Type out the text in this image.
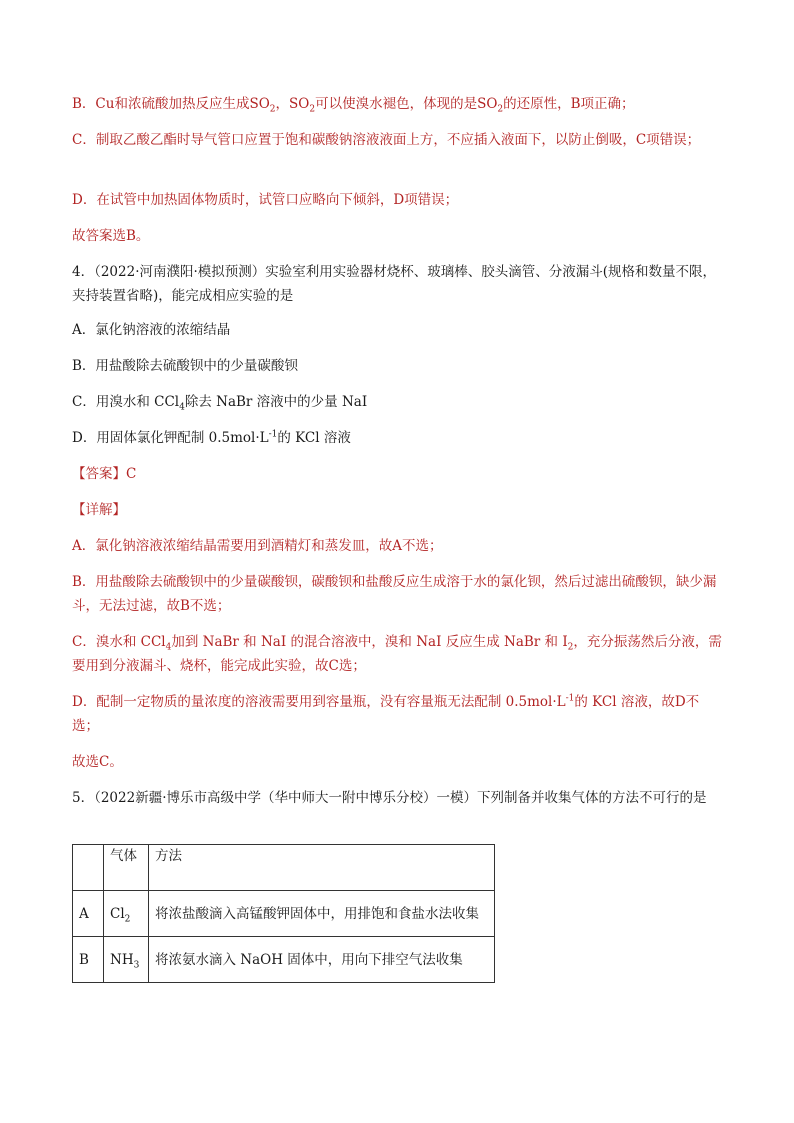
B．Cu和浓硫酸加热反应生成$SO_2$，$SO_2$可以使溴水褪色，体现的是$SO_2$的还原性，B项正确；
C．制取乙酸乙酯时导气管口应置于饱和碳酸钠溶液液面上方，不应插入液面下，以防止倒吸，C项错误；
D．在试管中加热固体物质时，试管口应略向下倾斜，D项错误；
故答案选B。
4．（2022·河南濮阳·模拟预测）实验室利用实验器材烧杯、玻璃棒、胶头滴管、分液漏斗(规格和数量不限，夹持装置省略)，能完成相应实验的是
A．氯化钠溶液的浓缩结晶
B．用盐酸除去硫酸钡中的少量碳酸钡
C．用溴水和 CCl$_4$除去 NaBr 溶液中的少量 NaI
D．用固体氯化钾配制 $0.5mol\cdot L^{-1}$的 KCl 溶液
【答案】C
【详解】
A．氯化钠溶液浓缩结晶需要用到酒精灯和蒸发皿，故A不选；
B．用盐酸除去硫酸钡中的少量碳酸钡，碳酸钡和盐酸反应生成溶于水的氯化钡，然后过滤出硫酸钡，缺少漏斗，无法过滤，故B不选；
C．溴水和 CCl$_4$加到 NaBr 和 NaI 的混合溶液中，溴和 NaI 反应生成 NaBr 和 $I_2$，充分振荡然后分液，需要用到分液漏斗、烧杯，能完成此实验，故C选；
D．配制一定物质的量浓度的溶液需要用到容量瓶，没有容量瓶无法配制 $0.5mol\cdot L^{-1}$的 KCl 溶液，故D不选；
故选C。
5．（2022新疆·博乐市高级中学（华中师大一附中博乐分校）一模）下列制备并收集气体的方法不可行的是
	气体	方法
A	$Cl_2$	将浓盐酸滴入高锰酸钾固体中，用排饱和食盐水法收集
B	$NH_3$	将浓氨水滴入 NaOH 固体中，用向下排空气法收集
